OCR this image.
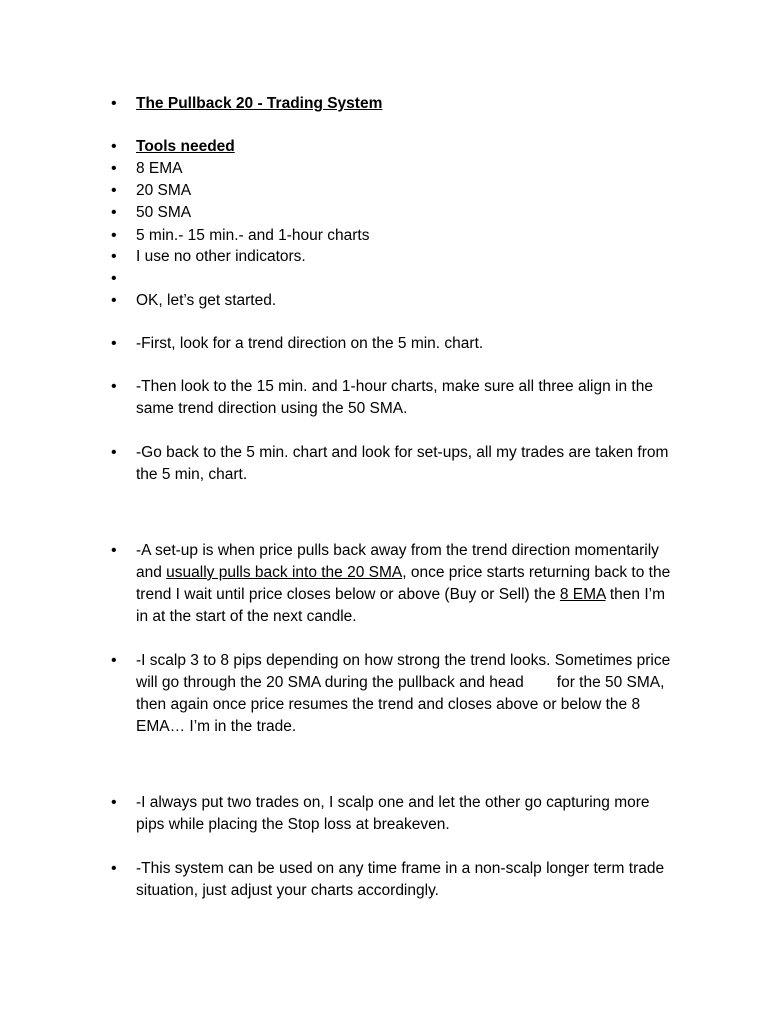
•	The Pullback 20 - Trading System
•	Tools needed
•	8 EMA
•	20 SMA
•	50 SMA
•	5 min.- 15 min.- and 1-hour charts
•	I use no other indicators.
•
•	OK, let’s get started.
•	-First, look for a trend direction on the 5 min. chart.
•	-Then look to the 15 min. and 1-hour charts, make sure all three align in the same trend direction using the 50 SMA.
•	-Go back to the 5 min. chart and look for set-ups, all my trades are taken from the 5 min, chart.
•	-A set-up is when price pulls back away from the trend direction momentarily and usually pulls back into the 20 SMA, once price starts returning back to the trend I wait until price closes below or above (Buy or Sell) the 8 EMA then I’m in at the start of the next candle.
•	-I scalp 3 to 8 pips depending on how strong the trend looks. Sometimes price will go through the 20 SMA during the pullback and head for the 50 SMA, then again once price resumes the trend and closes above or below the 8 EMA… I’m in the trade.
•	-I always put two trades on, I scalp one and let the other go capturing more pips while placing the Stop loss at breakeven.
•	-This system can be used on any time frame in a non-scalp longer term trade situation, just adjust your charts accordingly.
